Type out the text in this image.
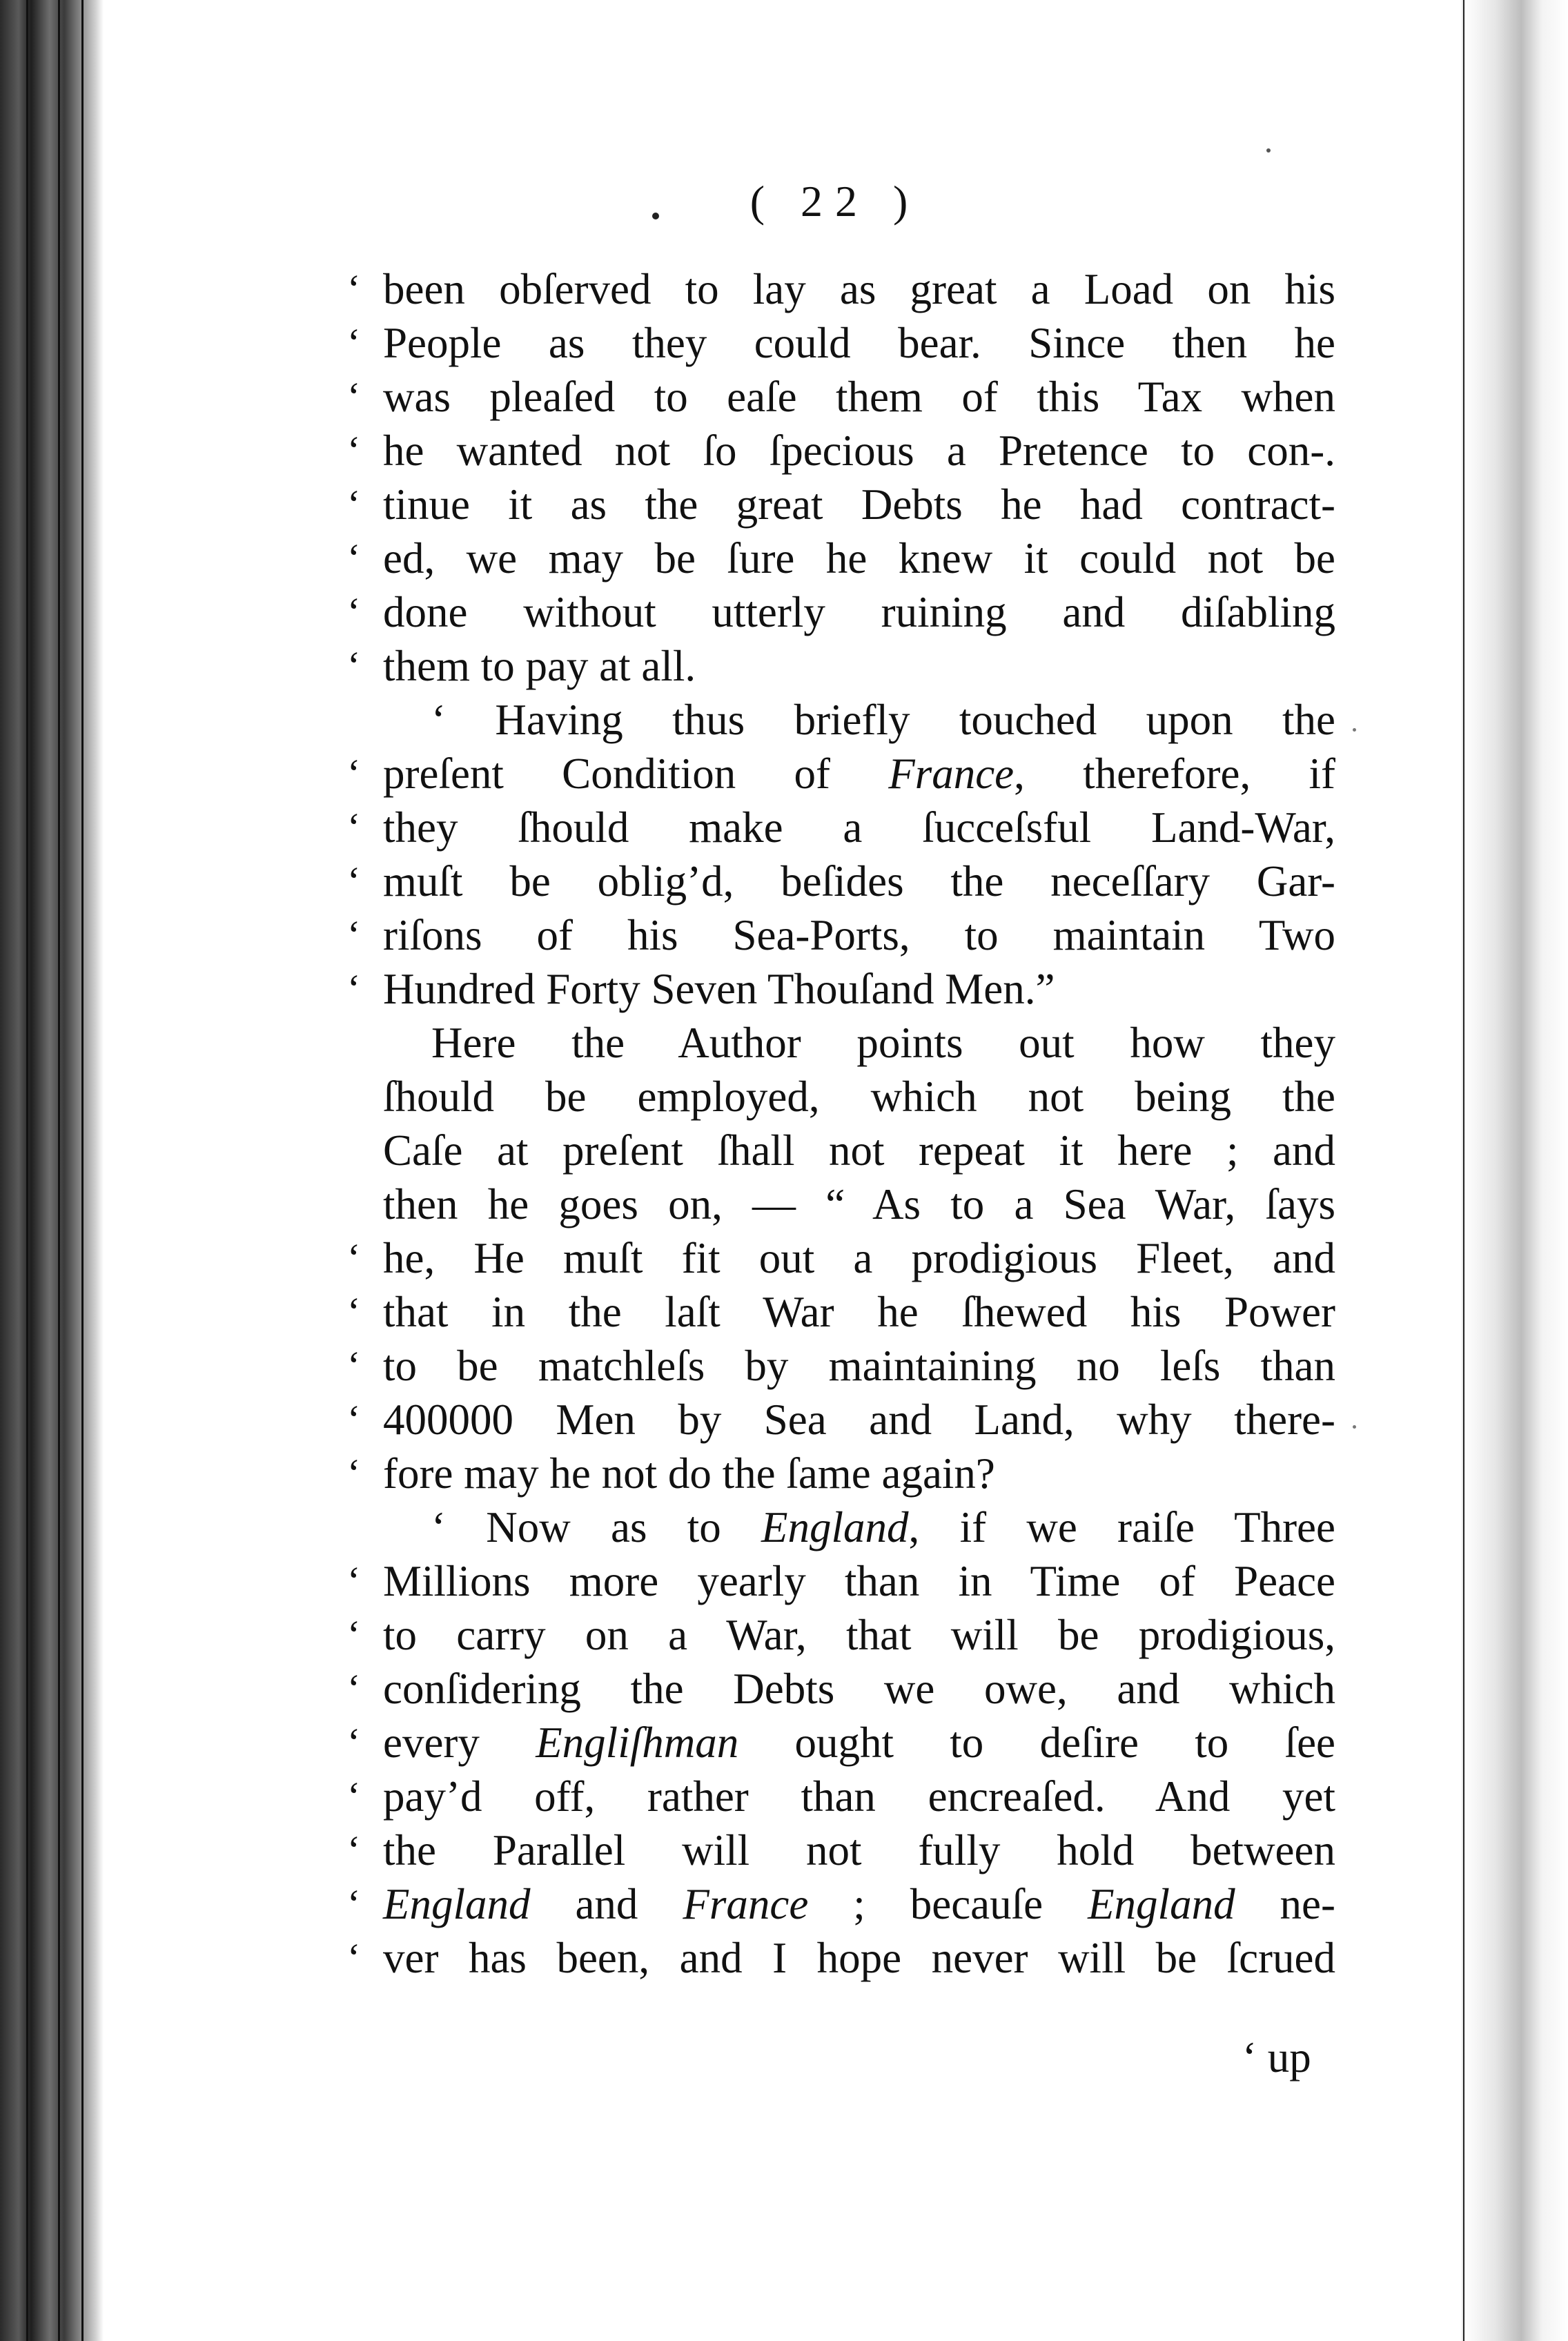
( 22 )
‘ been obſerved to lay as great a Load on his
‘ People as they could bear. Since then he
‘ was pleaſed to eaſe them of this Tax when
‘ he wanted not ſo ſpecious a Pretence to con-.
‘ tinue it as the great Debts he had contract-
‘ ed, we may be ſure he knew it could not be
‘ done without utterly ruining and diſabling
‘ them to pay at all.
‘ Having thus briefly touched upon the
‘ preſent Condition of France, therefore, if
‘ they ſhould make a ſucceſsful Land-War,
‘ muſt be oblig’d, beſides the neceſſary Gar-
‘ riſons of his Sea-Ports, to maintain Two
‘ Hundred Forty Seven Thouſand Men.”
Here the Author points out how they
ſhould be employed, which not being the
Caſe at preſent ſhall not repeat it here ; and
then he goes on, — “ As to a Sea War, ſays
‘ he, He muſt fit out a prodigious Fleet, and
‘ that in the laſt War he ſhewed his Power
‘ to be matchleſs by maintaining no leſs than
‘ 400000 Men by Sea and Land, why there-
‘ fore may he not do the ſame again?
‘ Now as to England, if we raiſe Three
‘ Millions more yearly than in Time of Peace
‘ to carry on a War, that will be prodigious,
‘ conſidering the Debts we owe, and which
‘ every Engliſhman ought to deſire to ſee
‘ pay’d off, rather than encreaſed. And yet
‘ the Parallel will not fully hold between
‘ England and France ; becauſe England ne-
‘ ver has been, and I hope never will be ſcrued
‘ up
